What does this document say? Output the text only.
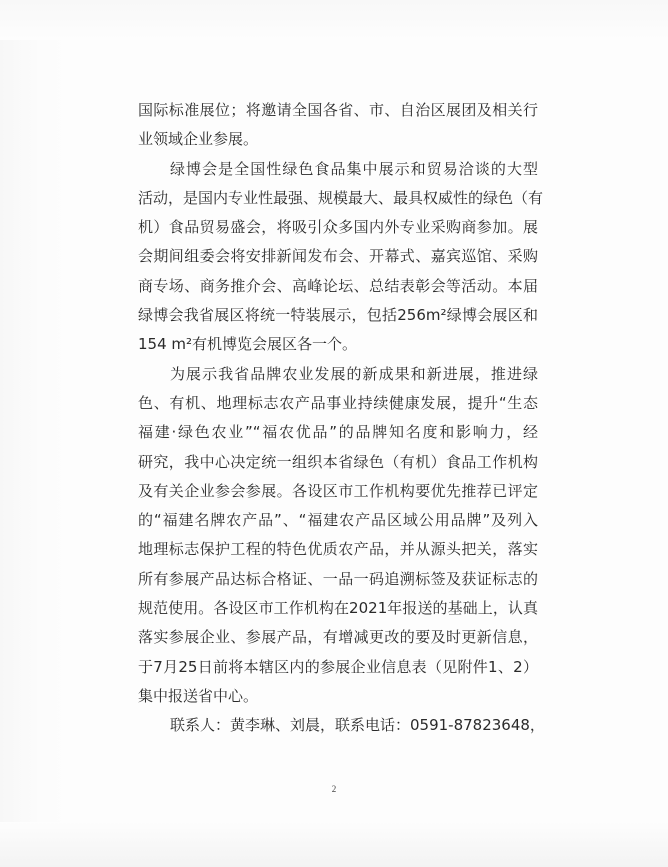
国际标准展位；将邀请全国各省、市、自治区展团及相关行
业领域企业参展。
绿博会是全国性绿色食品集中展示和贸易洽谈的大型
活动，是国内专业性最强、规模最大、最具权威性的绿色（有
机）食品贸易盛会，将吸引众多国内外专业采购商参加。展
会期间组委会将安排新闻发布会、开幕式、嘉宾巡馆、采购
商专场、商务推介会、高峰论坛、总结表彰会等活动。本届
绿博会我省展区将统一特装展示，包括256m²绿博会展区和
154 m²有机博览会展区各一个。
为展示我省品牌农业发展的新成果和新进展，推进绿
色、有机、地理标志农产品事业持续健康发展，提升“生态
福建·绿色农业”“福农优品”的品牌知名度和影响力，经
研究，我中心决定统一组织本省绿色（有机）食品工作机构
及有关企业参会参展。各设区市工作机构要优先推荐已评定
的“福建名牌农产品”、“福建农产品区域公用品牌”及列入
地理标志保护工程的特色优质农产品，并从源头把关，落实
所有参展产品达标合格证、一品一码追溯标签及获证标志的
规范使用。各设区市工作机构在2021年报送的基础上，认真
落实参展企业、参展产品，有增减更改的要及时更新信息，
于7月25日前将本辖区内的参展企业信息表（见附件1、2）
集中报送省中心。
联系人：黄李琳、刘晨，联系电话：0591-87823648，
2
